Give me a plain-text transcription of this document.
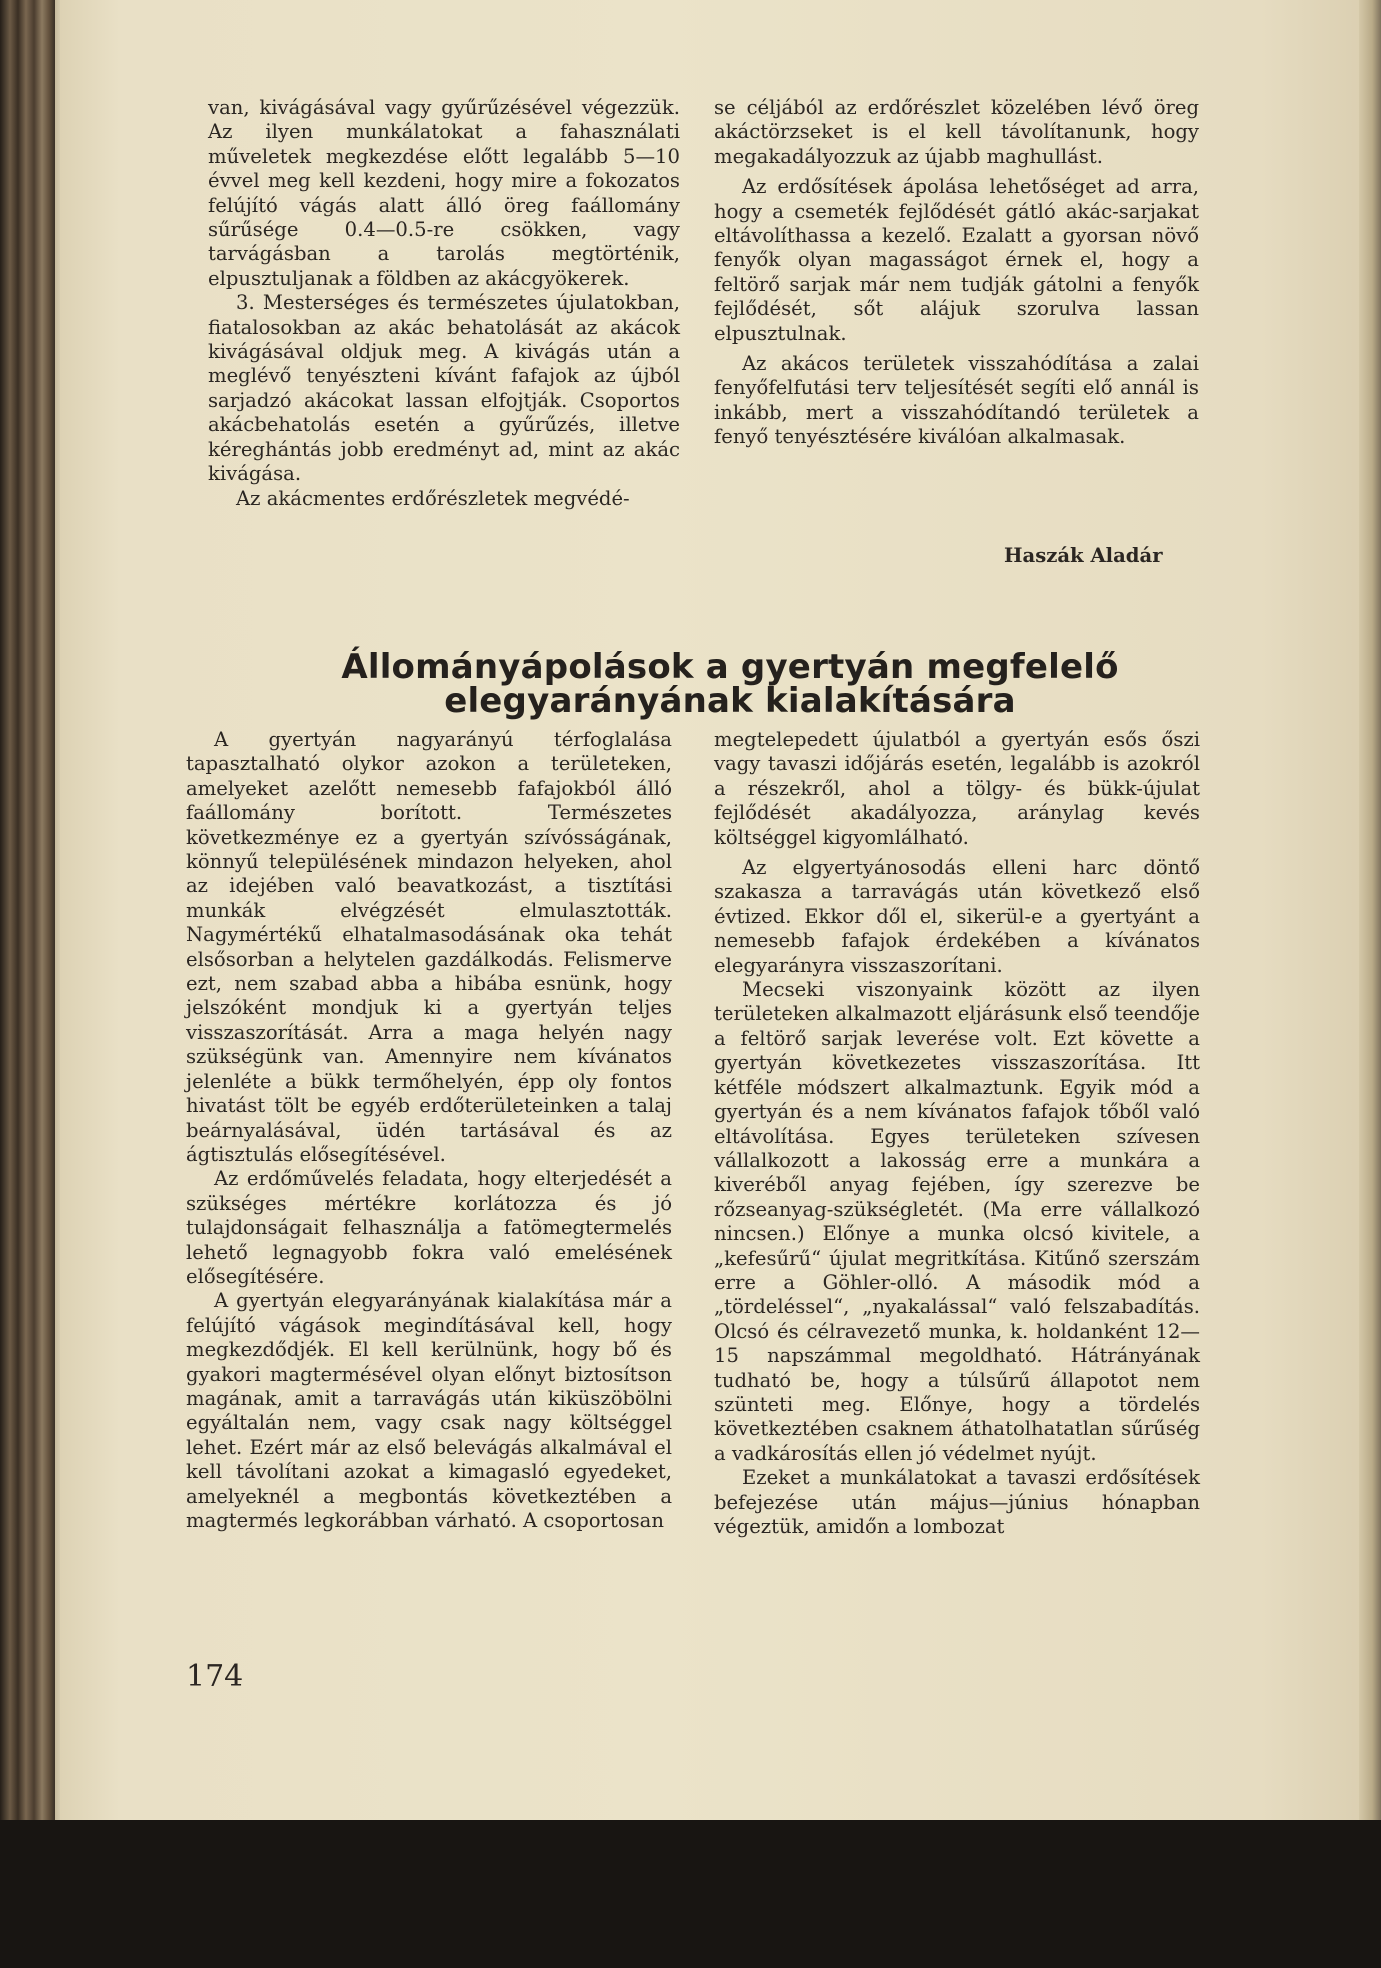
van, kivágásával vagy gyűrűzésével végezzük. Az ilyen munkálatokat a fahasználati műveletek megkezdése előtt legalább 5—10 évvel meg kell kezdeni, hogy mire a fokozatos felújító vágás alatt álló öreg faállomány sűrűsége 0.4—0.5-re csökken, vagy tarvágásban a tarolás megtörténik, elpusztuljanak a földben az akácgyökerek.

3. Mesterséges és természetes újulatokban, fiatalosokban az akác behatolását az akácok kivágásával oldjuk meg. A kivágás után a meglévő tenyészteni kívánt fafajok az újból sarjadzó akácokat lassan elfojtják. Csoportos akácbehatolás esetén a gyűrűzés, illetve kéreghántás jobb eredményt ad, mint az akác kivágása.

Az akácmentes erdőrészletek megvédé-

se céljából az erdőrészlet közelében lévő öreg akáctörzseket is el kell távolítanunk, hogy megakadályozzuk az újabb maghullást.

Az erdősítések ápolása lehetőséget ad arra, hogy a csemeték fejlődését gátló akác-sarjakat eltávolíthassa a kezelő. Ezalatt a gyorsan növő fenyők olyan magasságot érnek el, hogy a feltörő sarjak már nem tudják gátolni a fenyők fejlődését, sőt alájuk szorulva lassan elpusztulnak.

Az akácos területek visszahódítása a zalai fenyőfelfutási terv teljesítését segíti elő annál is inkább, mert a visszahódítandó területek a fenyő tenyésztésére kiválóan alkalmasak.

Haszák Aladár
Állományápolások a gyertyán megfelelő
elegyarányának kialakítására

A gyertyán nagyarányú térfoglalása tapasztalható olykor azokon a területeken, amelyeket azelőtt nemesebb fafajokból álló faállomány borított. Természetes következménye ez a gyertyán szívósságának, könnyű településének mindazon helyeken, ahol az idejében való beavatkozást, a tisztítási munkák elvégzését elmulasztották. Nagymértékű elhatalmasodásának oka tehát elsősorban a helytelen gazdálkodás. Felismerve ezt, nem szabad abba a hibába esnünk, hogy jelszóként mondjuk ki a gyertyán teljes visszaszorítását. Arra a maga helyén nagy szükségünk van. Amennyire nem kívánatos jelenléte a bükk termőhelyén, épp oly fontos hivatást tölt be egyéb erdőterületeinken a talaj beárnyalásával, üdén tartásával és az ágtisztulás elősegítésével.

Az erdőművelés feladata, hogy elterjedését a szükséges mértékre korlátozza és jó tulajdonságait felhasználja a fatömegtermelés lehető legnagyobb fokra való emelésének elősegítésére.

A gyertyán elegyarányának kialakítása már a felújító vágások megindításával kell, hogy megkezdődjék. El kell kerülnünk, hogy bő és gyakori magtermésével olyan előnyt biztosítson magának, amit a tarravágás után kiküszöbölni egyáltalán nem, vagy csak nagy költséggel lehet. Ezért már az első belevágás alkalmával el kell távolítani azokat a kimagasló egyedeket, amelyeknél a megbontás következtében a magtermés legkorábban várható. A csoportosan

megtelepedett újulatból a gyertyán esős őszi vagy tavaszi időjárás esetén, legalább is azokról a részekről, ahol a tölgy- és bükk-újulat fejlődését akadályozza, aránylag kevés költséggel kigyomlálható.

Az elgyertyánosodás elleni harc döntő szakasza a tarravágás után következő első évtized. Ekkor dől el, sikerül-e a gyertyánt a nemesebb fafajok érdekében a kívánatos elegyarányra visszaszorítani.

Mecseki viszonyaink között az ilyen területeken alkalmazott eljárásunk első teendője a feltörő sarjak leverése volt. Ezt követte a gyertyán következetes visszaszorítása. Itt kétféle módszert alkalmaztunk. Egyik mód a gyertyán és a nem kívánatos fafajok tőből való eltávolítása. Egyes területeken szívesen vállalkozott a lakosság erre a munkára a kiveréből anyag fejében, így szerezve be rőzseanyag-szükségletét. (Ma erre vállalkozó nincsen.) Előnye a munka olcsó kivitele, a „kefesűrű“ újulat megritkítása. Kitűnő szerszám erre a Göhler-olló. A második mód a „tördeléssel“, „nyakalással“ való felszabadítás. Olcsó és célravezető munka, k. holdanként 12—15 napszámmal megoldható. Hátrányának tudható be, hogy a túlsűrű állapotot nem szünteti meg. Előnye, hogy a tördelés következtében csaknem áthatolhatatlan sűrűség a vadkárosítás ellen jó védelmet nyújt.

Ezeket a munkálatokat a tavaszi erdősítések befejezése után május—június hónapban végeztük, amidőn a lombozat

174
